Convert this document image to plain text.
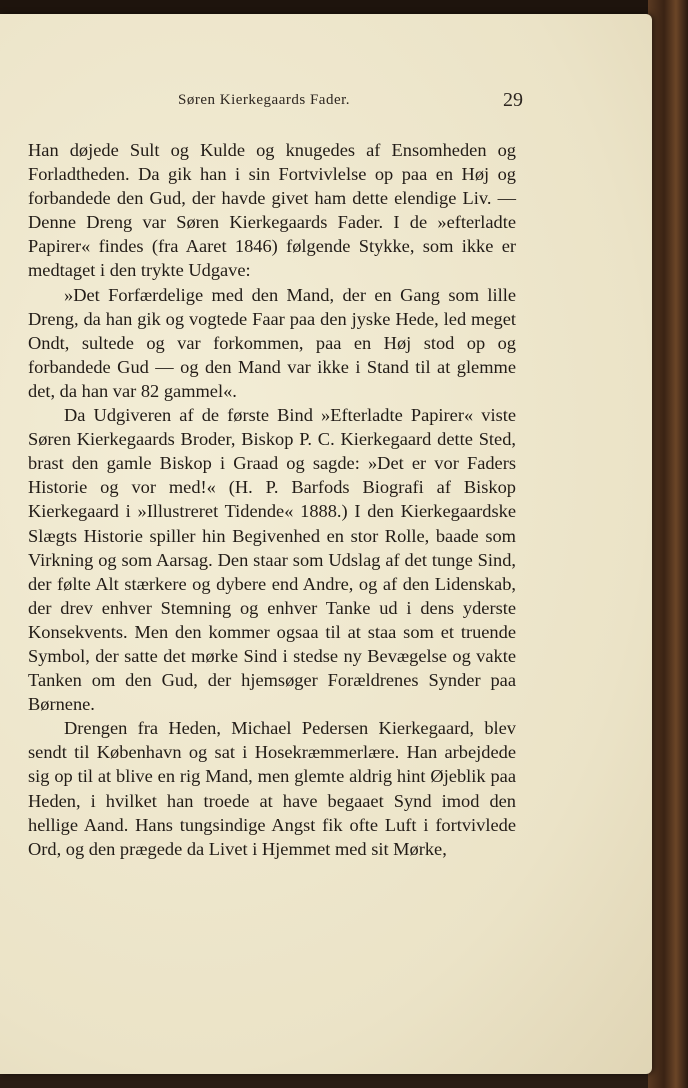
Søren Kierkegaards Fader.	29

Han døjede Sult og Kulde og knugedes af Ensomheden og Forladtheden. Da gik han i sin Fortvivlelse op paa en Høj og forbandede den Gud, der havde givet ham dette elendige Liv. — Denne Dreng var Søren Kierkegaards Fader. I de »efterladte Papirer« findes (fra Aaret 1846) følgende Stykke, som ikke er medtaget i den trykte Udgave:

»Det Forfærdelige med den Mand, der en Gang som lille Dreng, da han gik og vogtede Faar paa den jyske Hede, led meget Ondt, sultede og var forkommen, paa en Høj stod op og forbandede Gud — og den Mand var ikke i Stand til at glemme det, da han var 82 gammel«.

Da Udgiveren af de første Bind »Efterladte Papirer« viste Søren Kierkegaards Broder, Biskop P. C. Kierkegaard dette Sted, brast den gamle Biskop i Graad og sagde: »Det er vor Faders Historie og vor med!« (H. P. Barfods Biografi af Biskop Kierkegaard i »Illustreret Tidende« 1888.) I den Kierkegaardske Slægts Historie spiller hin Begivenhed en stor Rolle, baade som Virkning og som Aarsag. Den staar som Udslag af det tunge Sind, der følte Alt stærkere og dybere end Andre, og af den Lidenskab, der drev enhver Stemning og enhver Tanke ud i dens yderste Konsekvents. Men den kommer ogsaa til at staa som et truende Symbol, der satte det mørke Sind i stedse ny Bevægelse og vakte Tanken om den Gud, der hjemsøger Forældrenes Synder paa Børnene.

Drengen fra Heden, Michael Pedersen Kierkegaard, blev sendt til København og sat i Hosekræmmerlære. Han arbejdede sig op til at blive en rig Mand, men glemte aldrig hint Øjeblik paa Heden, i hvilket han troede at have begaaet Synd imod den hellige Aand. Hans tungsindige Angst fik ofte Luft i fortvivlede Ord, og den prægede da Livet i Hjemmet med sit Mørke,
